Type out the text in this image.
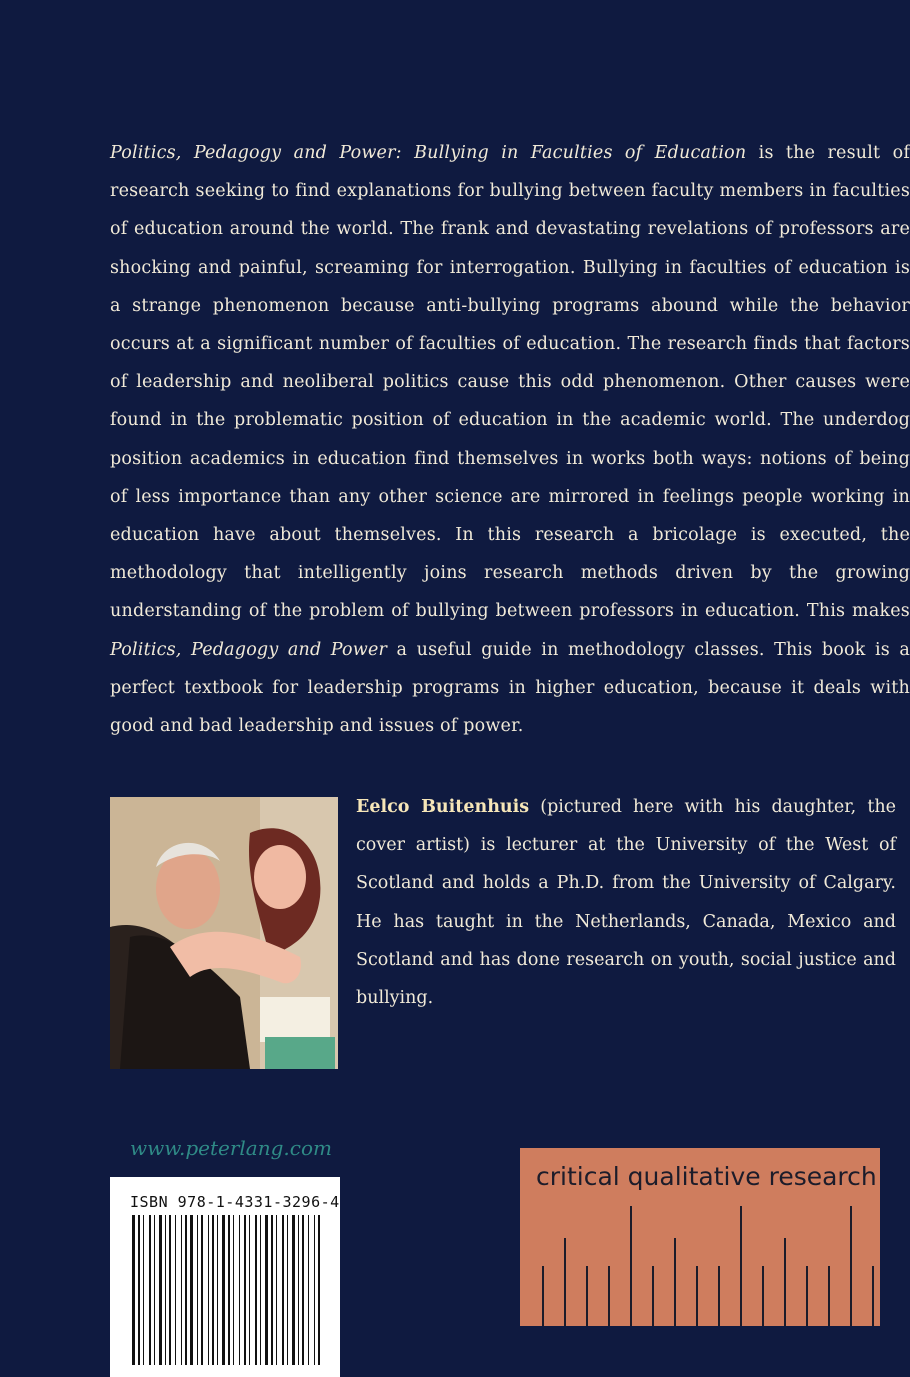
Politics, Pedagogy and Power: Bullying in Faculties of Education is the result of research seeking to find explanations for bullying between faculty members in faculties of education around the world. The frank and devastating revelations of professors are shocking and painful, screaming for interrogation. Bullying in faculties of education is a strange phenomenon because anti-bullying programs abound while the behavior occurs at a significant number of faculties of education. The research finds that factors of leadership and neoliberal politics cause this odd phenomenon. Other causes were found in the problematic position of education in the academic world. The underdog position academics in education find themselves in works both ways: notions of being of less importance than any other science are mirrored in feelings people working in education have about themselves. In this research a bricolage is executed, the methodology that intelligently joins research methods driven by the growing understanding of the problem of bullying between professors in education. This makes Politics, Pedagogy and Power a useful guide in methodology classes. This book is a perfect textbook for leadership programs in higher education, because it deals with good and bad leadership and issues of power.

Eelco Buitenhuis (pictured here with his daughter, the cover artist) is lecturer at the University of the West of Scotland and holds a Ph.D. from the University of Calgary. He has taught in the Netherlands, Canada, Mexico and Scotland and has done research on youth, social justice and bullying.

www.peterlang.com
ISBN 978-1-4331-3296-4
critical qualitative research
